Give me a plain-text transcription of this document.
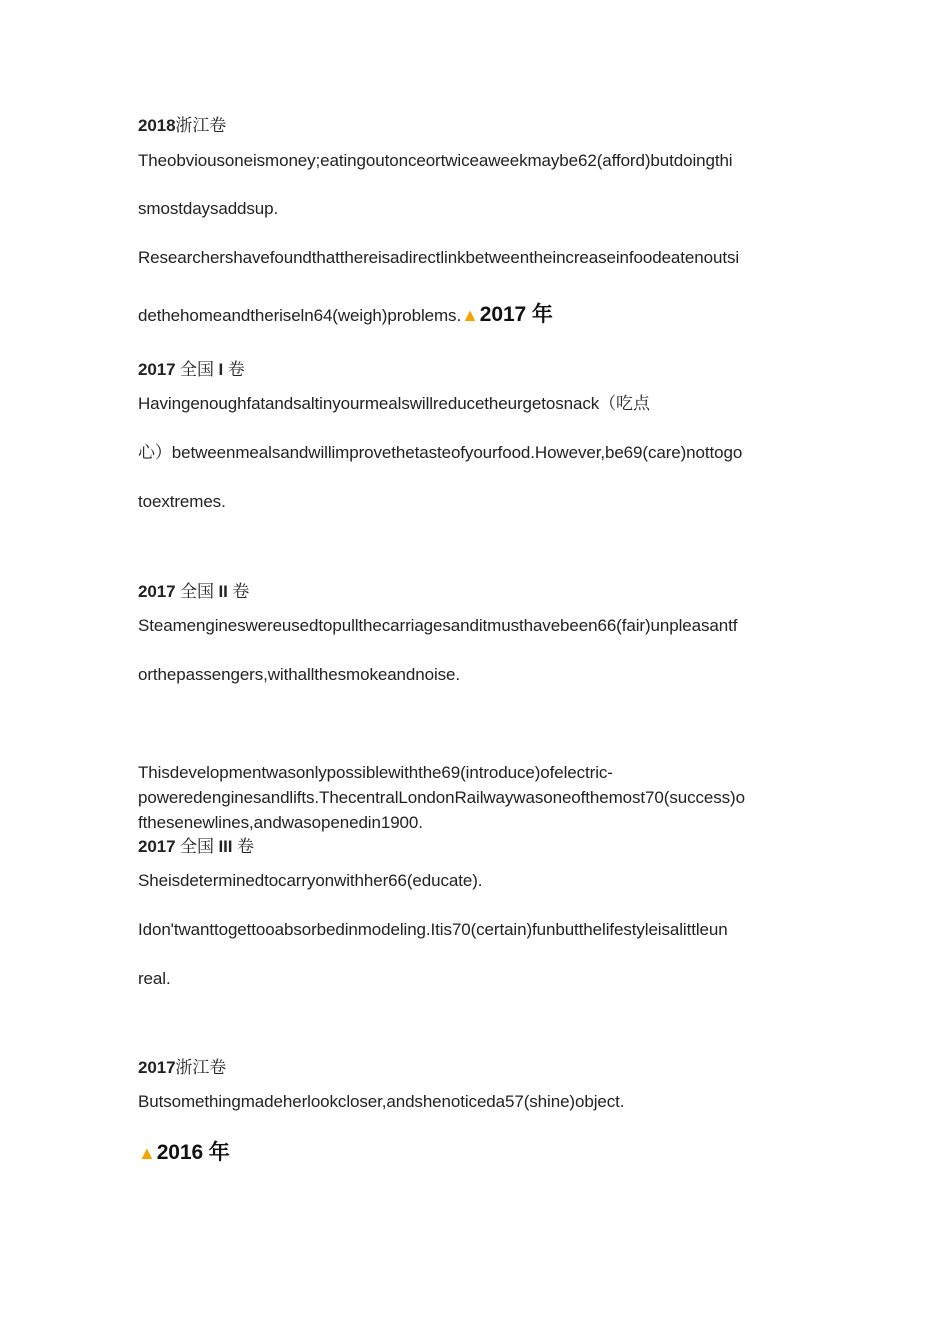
2018浙江卷
Theobviousoneismoney;eatingoutonceortwiceaweekmaybe62(afford)butdoingthi
smostdaysaddsup.
Researchershavefoundthatthereisadirectlinkbetweentheincreaseinfoodeatenoutsi
dethehomeandtheriseln64(weigh)problems.▲2017 年
2017 全国 I 卷
Havingenoughfatandsaltinyourmealswillreducetheurgetosnack（吃点
心）betweenmealsandwillimprovethetasteofyourfood.However,be69(care)nottogo
toextremes.
2017 全国 II 卷
Steamengineswereusedtopullthecarriagesanditmusthavebeen66(fair)unpleasantf
orthepassengers,withallthesmokeandnoise.
Thisdevelopmentwasonlypossiblewiththe69(introduce)ofelectric-
poweredenginesandlifts.ThecentralLondonRailwaywasoneofthemost70(success)o
fthesenewlines,andwasopenedin1900.
2017 全国 III 卷
Sheisdeterminedtocarryonwithher66(educate).
Idon'twanttogettooabsorbedinmodeling.Itis70(certain)funbutthelifestyleisalittleun
real.
2017浙江卷
Butsomethingmadeherlookcloser,andshenoticeda57(shine)object.
▲2016 年
